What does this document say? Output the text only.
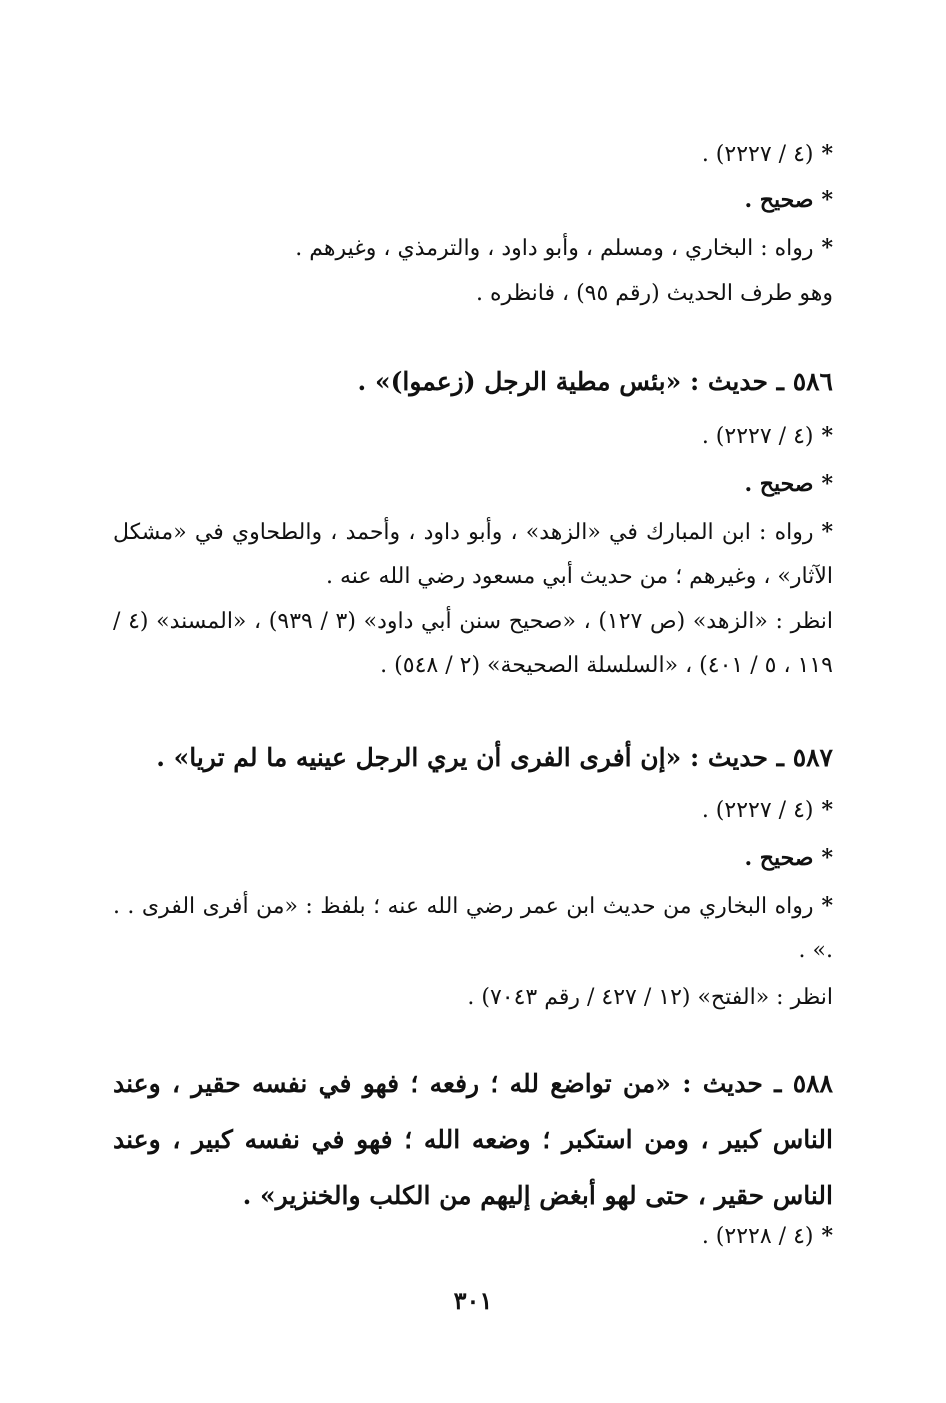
*(٤ / ٢٢٢٧) .
*صحيح .
*رواه : البخاري ، ومسلم ، وأبو داود ، والترمذي ، وغيرهم .
وهو طرف الحديث (رقم ٩٥) ، فانظره .
٥٨٦ ـ حديث : «بئس مطية الرجل (زعموا)» .
*(٤ / ٢٢٢٧) .
*صحيح .
*رواه : ابن المبارك في «الزهد» ، وأبو داود ، وأحمد ، والطحاوي في «مشكل الآثار» ، وغيرهم ؛ من حديث أبي مسعود رضي الله عنه .
انظر : «الزهد» (ص ١٢٧) ، «صحيح سنن أبي داود» (٣ / ٩٣٩) ، «المسند» (٤ / ١١٩ ، ٥ / ٤٠١) ، «السلسلة الصحيحة» (٢ / ٥٤٨) .
٥٨٧ ـ حديث : «إن أفرى الفرى أن يري الرجل عينيه ما لم تريا» .
*(٤ / ٢٢٢٧) .
*صحيح .
*رواه البخاري من حديث ابن عمر رضي الله عنه ؛ بلفظ : «من أفرى الفرى . . .» .
انظر : «الفتح» (١٢ / ٤٢٧ / رقم ٧٠٤٣) .
٥٨٨ ـ حديث : «من تواضع لله ؛ رفعه ؛ فهو في نفسه حقير ، وعند الناس كبير ، ومن استكبر ؛ وضعه الله ؛ فهو في نفسه كبير ، وعند الناس حقير ، حتى لهو أبغض إليهم من الكلب والخنزير» .
*(٤ / ٢٢٢٨) .
٣٠١
